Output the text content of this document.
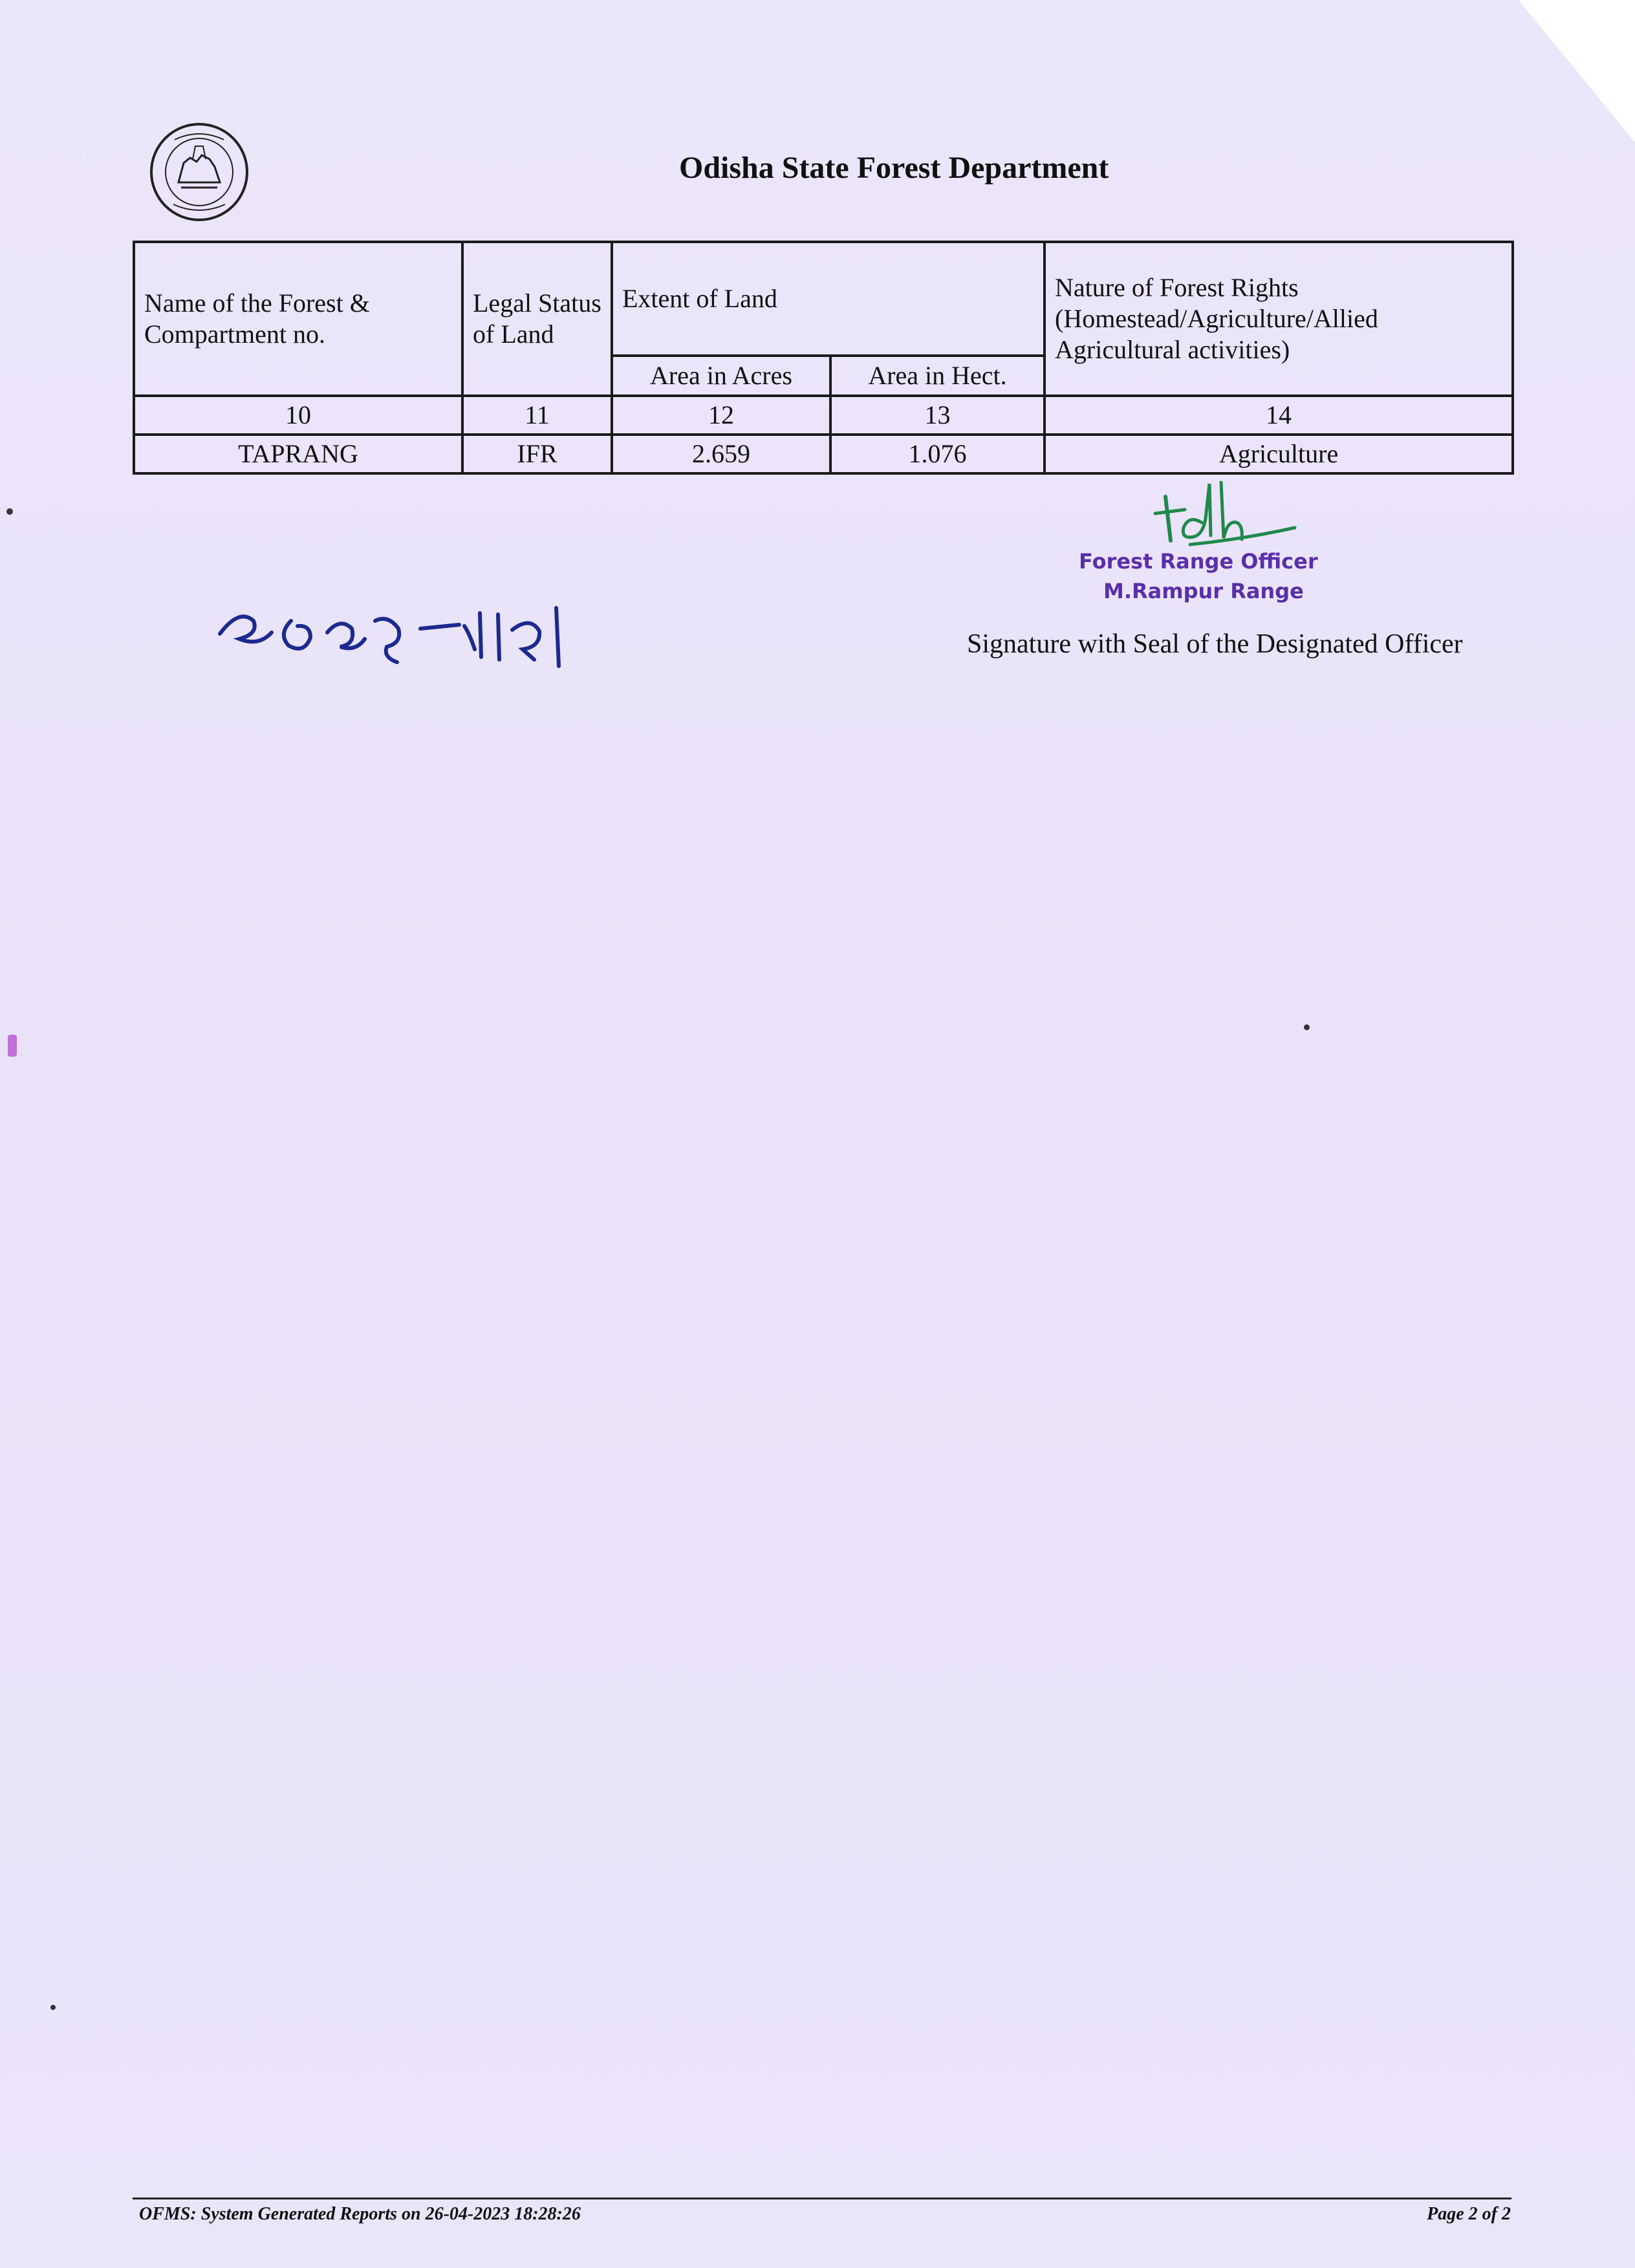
Odisha State Forest Department
Name of the Forest & Compartment no.	Legal Status of Land	Extent of Land		Nature of Forest Rights (Homestead/Agriculture/Allied Agricultural activities)
		Area in Acres	Area in Hect.	
10	11	12	13	14
TAPRANG	IFR	2.659	1.076	Agriculture
Forest Range Officer
M.Rampur Range
Signature with Seal of the Designated Officer
OFMS: System Generated Reports on 26-04-2023 18:28:26	Page 2 of 2
